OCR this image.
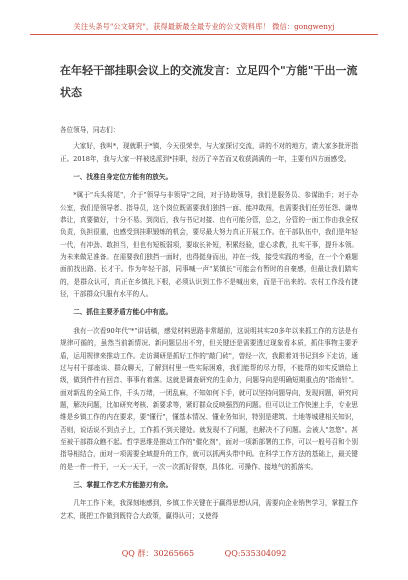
关注头条号"公文研究"，获得最新最全最专业的公文资料库！ 微信：gongwenyj
在年轻干部挂职会议上的交流发言：立足四个"方能"干出一流状态

各位领导，同志们：

大家好，我叫*，现就职于*镇，今天很荣幸，与大家探讨交流，讲的不对的地方，请大家多批评指正。2018年，我与大家一样被选派到*挂职，经历了辛苦而又收获满满的一年，主要有四方面感受。

一、找准自身定位方能有的放矢。

*属于"兵头将尾"，介于"领导与非领导"之间，对于协助领导，我们是服务员、参谋助手；对于办公室，我们是领导者、指导员，这个岗位既需要我们独挡一面、能冲敢闯，也需要我们任劳任怨、谦卑恭让，真要做好，十分不易。到岗后，我与书记对接、也有可能分管，总之，分管的一面工作由我全权负责，负担很重，也感受到挂职锻炼的机会，要尽最大努力真正开展工作。在干部队伍中，我们是年轻一代，有冲劲、敢担当，但也有短板弱项，要取长补短，积累经验，虚心求教，扎实干事，提升本领。为未来做足准备。在需要我们独挡一面时，也得挺身而出，冲在一线，接受实践的考验，在一个个难题面前找出路、长才干。作为年轻干部，同事喊一声"某镇长"可能会有暂时的自豪感，但最让我们踏实的，是群众认可，真正在乡镇扎下根，必须认识到工作不是喊出来，而是干出来的。农村工作没有捷径，干部群众只服有水平的人。

二、抓住主要矛盾方能心中有底。

我有一次看90年代"*"讲话稿，感觉材料思路非常超前，这说明其实20多年以来抓工作的方法是有规律可循的，虽然当前新情况、新问题层出不穷，但关键还是需要透过现象看本质，抓住事物主要矛盾，运用规律来推动工作。走访调研是抓好工作的"敲门砖"，曾经一次，我跟着刘书记到乡下走访，通过与村干部座谈、群众聊天，了解到村里一些实际困难，我们能帮的尽力帮，不能帮的如实反馈给上级，做到件件有回音、事事有着落。这就是调查研究的生命力，问题导向是明确短期重点的"指南针"。面对新乱的全局工作，千头万绪，一团乱麻，不知如何下手，就可以坚持问题导向，发现问题，研究问题，解决问题，比如研究考核、新要求等，紧盯群众反映强烈的问题。但可以让工作快速上手，专业思维是乡镇工作的内在要求，要"懂行"，懂基本情况、懂业务知识，特别是建筑、土地等城建相关知识，否则，说话说不到点子上，工作抓不到关键处。就发现不了问题，也解决不了问题。会被人"忽悠"。甚至被干部群众瞧不起。哲学思维是推动工作的"催化剂"，面对一项新部署的工作，可以一般号召和个别指导相结合，面对一项需要全域提升的工作，就可以抓两头带中间。在科学工作方法的基础上，最关键的是一件一件干，一天一天干，一次一次抓好督察，具体化、可操作、接地气的抓落实。

三、掌握工作艺术方能游刃有余。

几年工作下来，我深刻地感到，乡镇工作关键在于赢得思想认同，需要向企业销售学习，掌握工作艺术，既把工作做到既符合大政策，赢得认可；又使得

QQ 群：30265665	QQ:535304092
